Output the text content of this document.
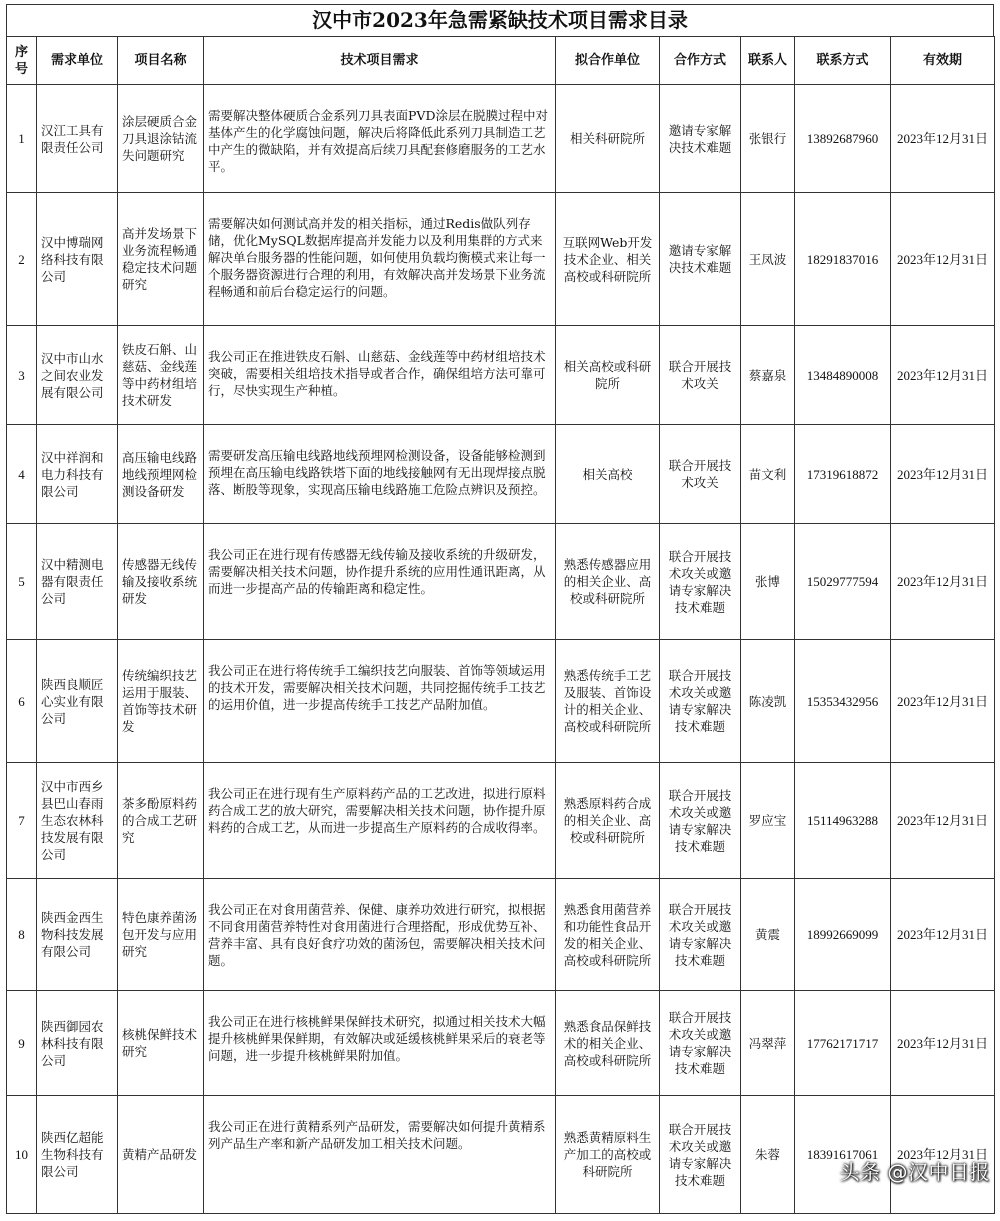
汉中市2023年急需紧缺技术项目需求目录
序号	需求单位	项目名称	技术项目需求	拟合作单位	合作方式	联系人	联系方式	有效期
1	汉江工具有限责任公司	涂层硬质合金刀具退涂钴流失问题研究	需要解决整体硬质合金系列刀具表面PVD涂层在脱膜过程中对基体产生的化学腐蚀问题，解决后将降低此系列刀具制造工艺中产生的微缺陷，并有效提高后续刀具配套修磨服务的工艺水平。	相关科研院所	邀请专家解决技术难题	张银行	13892687960	2023年12月31日
2	汉中博瑞网络科技有限公司	高并发场景下业务流程畅通稳定技术问题研究	需要解决如何测试高并发的相关指标，通过Redis做队列存储，优化MySQL数据库提高并发能力以及利用集群的方式来解决单台服务器的性能问题，如何使用负载均衡模式来让每一个服务器资源进行合理的利用，有效解决高并发场景下业务流程畅通和前后台稳定运行的问题。	互联网Web开发技术企业、相关高校或科研院所	邀请专家解决技术难题	王凤波	18291837016	2023年12月31日
3	汉中市山水之间农业发展有限公司	铁皮石斛、山慈菇、金线莲等中药材组培技术研发	我公司正在推进铁皮石斛、山慈菇、金线莲等中药材组培技术突破，需要相关组培技术指导或者合作，确保组培方法可靠可行，尽快实现生产种植。	相关高校或科研院所	联合开展技术攻关	蔡嘉泉	13484890008	2023年12月31日
4	汉中祥润和电力科技有限公司	高压输电线路地线预埋网检测设备研发	需要研发高压输电线路地线预埋网检测设备，设备能够检测到预埋在高压输电线路铁塔下面的地线接触网有无出现焊接点脱落、断股等现象，实现高压输电线路施工危险点辨识及预控。	相关高校	联合开展技术攻关	苗文利	17319618872	2023年12月31日
5	汉中精测电器有限责任公司	传感器无线传输及接收系统研发	我公司正在进行现有传感器无线传输及接收系统的升级研发，需要解决相关技术问题，协作提升系统的应用性通讯距离，从而进一步提高产品的传输距离和稳定性。	熟悉传感器应用的相关企业、高校或科研院所	联合开展技术攻关或邀请专家解决技术难题	张博	15029777594	2023年12月31日
6	陕西良顺匠心实业有限公司	传统编织技艺运用于服装、首饰等技术研发	我公司正在进行将传统手工编织技艺向服装、首饰等领域运用的技术开发，需要解决相关技术问题，共同挖掘传统手工技艺的运用价值，进一步提高传统手工技艺产品附加值。	熟悉传统手工艺及服装、首饰设计的相关企业、高校或科研院所	联合开展技术攻关或邀请专家解决技术难题	陈凌凯	15353432956	2023年12月31日
7	汉中市西乡县巴山春雨生态农林科技发展有限公司	茶多酚原料药的合成工艺研究	我公司正在进行现有生产原料药产品的工艺改进，拟进行原料药合成工艺的放大研究，需要解决相关技术问题，协作提升原料药的合成工艺，从而进一步提高生产原料药的合成收得率。	熟悉原料药合成的相关企业、高校或科研院所	联合开展技术攻关或邀请专家解决技术难题	罗应宝	15114963288	2023年12月31日
8	陕西金西生物科技发展有限公司	特色康养菌汤包开发与应用研究	我公司正在对食用菌营养、保健、康养功效进行研究，拟根据不同食用菌营养特性对食用菌进行合理搭配，形成优势互补、营养丰富、具有良好食疗功效的菌汤包，需要解决相关技术问题。	熟悉食用菌营养和功能性食品开发的相关企业、高校或科研院所	联合开展技术攻关或邀请专家解决技术难题	黄震	18992669099	2023年12月31日
9	陕西御园农林科技有限公司	核桃保鲜技术研究	我公司正在进行核桃鲜果保鲜技术研究，拟通过相关技术大幅提升核桃鲜果保鲜期，有效解决或延缓核桃鲜果采后的衰老等问题，进一步提升核桃鲜果附加值。	熟悉食品保鲜技术的相关企业、高校或科研院所	联合开展技术攻关或邀请专家解决技术难题	冯翠萍	17762171717	2023年12月31日
10	陕西亿超能生物科技有限公司	黄精产品研发	我公司正在进行黄精系列产品研发，需要解决如何提升黄精系列产品生产率和新产品研发加工相关技术问题。	熟悉黄精原料生产加工的高校或科研院所	联合开展技术攻关或邀请专家解决技术难题	朱蓉	18391617061	2023年12月31日
头条 @汉中日报
